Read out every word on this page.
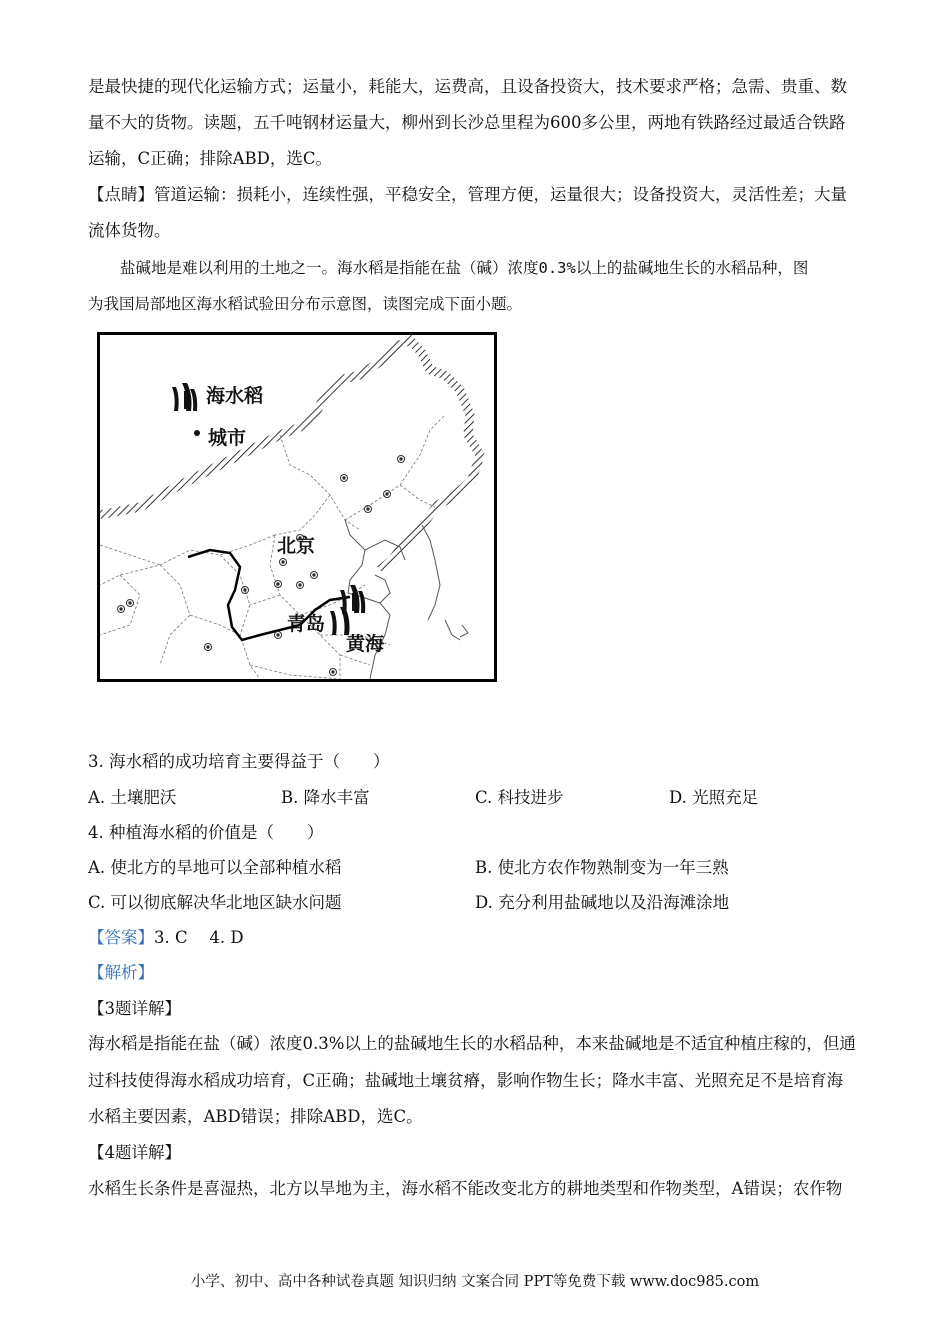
是最快捷的现代化运输方式；运量小，耗能大，运费高，且设备投资大，技术要求严格；急需、贵重、数
量不大的货物。读题，五千吨钢材运量大，柳州到长沙总里程为600多公里，两地有铁路经过最适合铁路
运输，C正确；排除ABD，选C。
【点睛】管道运输：损耗小，连续性强，平稳安全，管理方便，运量很大；设备投资大，灵活性差；大量
流体货物。
盐碱地是难以利用的土地之一。海水稻是指能在盐（碱）浓度0.3%以上的盐碱地生长的水稻品种，图
为我国局部地区海水稻试验田分布示意图，读图完成下面小题。
海水稻
城市
北京
青岛
黄海
3. 海水稻的成功培育主要得益于（　　）
A. 土壤肥沃	B. 降水丰富	C. 科技进步	D. 光照充足
4. 种植海水稻的价值是（　　）
A. 使北方的旱地可以全部种植水稻	B. 使北方农作物熟制变为一年三熟
C. 可以彻底解决华北地区缺水问题	D. 充分利用盐碱地以及沿海滩涂地
【答案】3. C　 4. D
【解析】
【3题详解】
海水稻是指能在盐（碱）浓度0.3%以上的盐碱地生长的水稻品种，本来盐碱地是不适宜种植庄稼的，但通
过科技使得海水稻成功培育，C正确；盐碱地土壤贫瘠，影响作物生长；降水丰富、光照充足不是培育海
水稻主要因素，ABD错误；排除ABD，选C。
【4题详解】
水稻生长条件是喜湿热，北方以旱地为主，海水稻不能改变北方的耕地类型和作物类型，A错误；农作物
小学、初中、高中各种试卷真题 知识归纳 文案合同 PPT等免费下载 www.doc985.com
